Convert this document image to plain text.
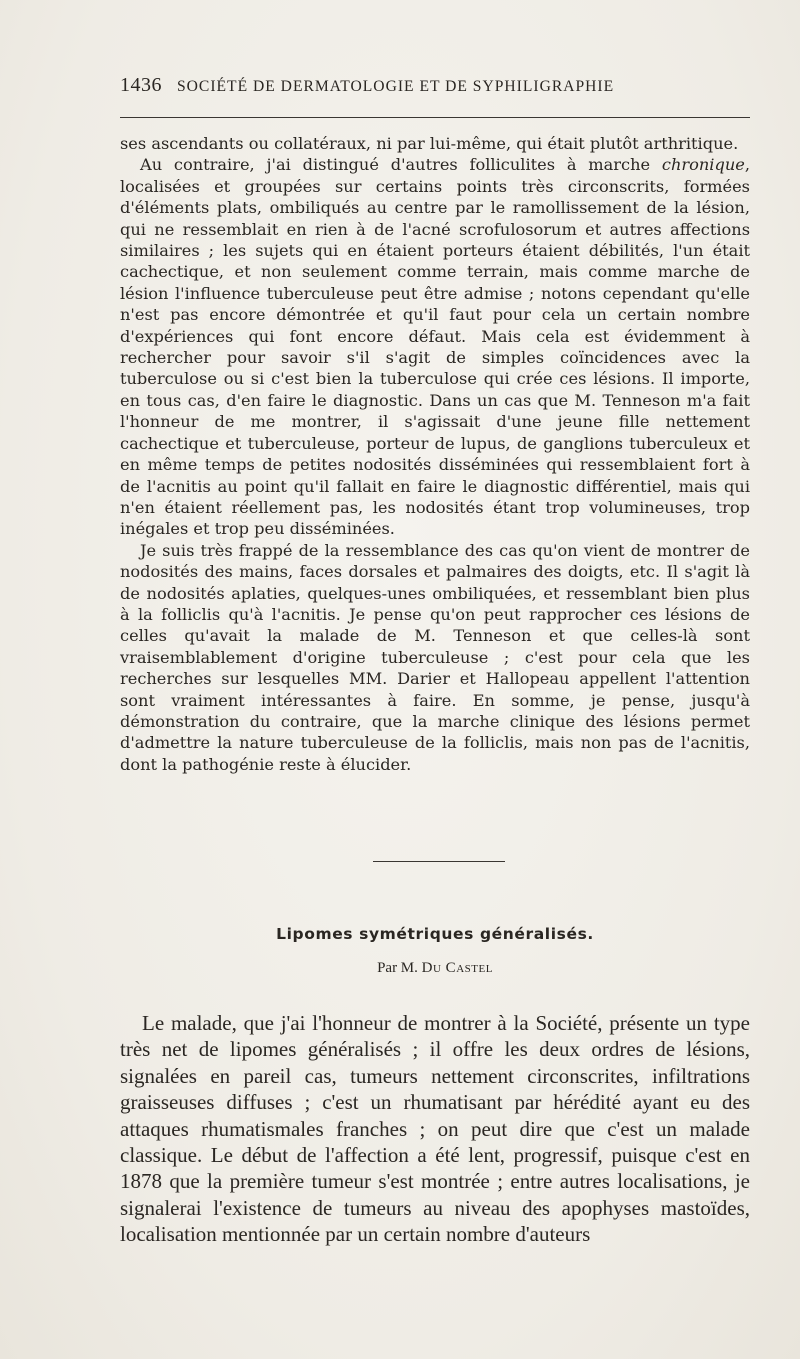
1436 SOCIÉTÉ DE DERMATOLOGIE ET DE SYPHILIGRAPHIE

ses ascendants ou collatéraux, ni par lui-même, qui était plutôt arthritique.

Au contraire, j'ai distingué d'autres folliculites à marche chronique, localisées et groupées sur certains points très circonscrits, formées d'éléments plats, ombiliqués au centre par le ramollissement de la lésion, qui ne ressemblait en rien à de l'acné scrofulosorum et autres affections similaires ; les sujets qui en étaient porteurs étaient débilités, l'un était cachectique, et non seulement comme terrain, mais comme marche de lésion l'influence tuberculeuse peut être admise ; notons cependant qu'elle n'est pas encore démontrée et qu'il faut pour cela un certain nombre d'expériences qui font encore défaut. Mais cela est évidemment à rechercher pour savoir s'il s'agit de simples coïncidences avec la tuberculose ou si c'est bien la tuberculose qui crée ces lésions. Il importe, en tous cas, d'en faire le diagnostic. Dans un cas que M. Tenneson m'a fait l'honneur de me montrer, il s'agissait d'une jeune fille nettement cachectique et tuberculeuse, porteur de lupus, de ganglions tuberculeux et en même temps de petites nodosités disséminées qui ressemblaient fort à de l'acnitis au point qu'il fallait en faire le diagnostic différentiel, mais qui n'en étaient réellement pas, les nodosités étant trop volumineuses, trop inégales et trop peu disséminées.

Je suis très frappé de la ressemblance des cas qu'on vient de montrer de nodosités des mains, faces dorsales et palmaires des doigts, etc. Il s'agit là de nodosités aplaties, quelques-unes ombiliquées, et ressemblant bien plus à la folliclis qu'à l'acnitis. Je pense qu'on peut rapprocher ces lésions de celles qu'avait la malade de M. Tenneson et que celles-là sont vraisemblablement d'origine tuberculeuse ; c'est pour cela que les recherches sur lesquelles MM. Darier et Hallopeau appellent l'attention sont vraiment intéressantes à faire. En somme, je pense, jusqu'à démonstration du contraire, que la marche clinique des lésions permet d'admettre la nature tuberculeuse de la folliclis, mais non pas de l'acnitis, dont la pathogénie reste à élucider.

Lipomes symétriques généralisés.
Par M. Du Castel

Le malade, que j'ai l'honneur de montrer à la Société, présente un type très net de lipomes généralisés ; il offre les deux ordres de lésions, signalées en pareil cas, tumeurs nettement circonscrites, infiltrations graisseuses diffuses ; c'est un rhumatisant par hérédité ayant eu des attaques rhumatismales franches ; on peut dire que c'est un malade classique. Le début de l'affection a été lent, progressif, puisque c'est en 1878 que la première tumeur s'est montrée ; entre autres localisations, je signalerai l'existence de tumeurs au niveau des apophyses mastoïdes, localisation mentionnée par un certain nombre d'auteurs
